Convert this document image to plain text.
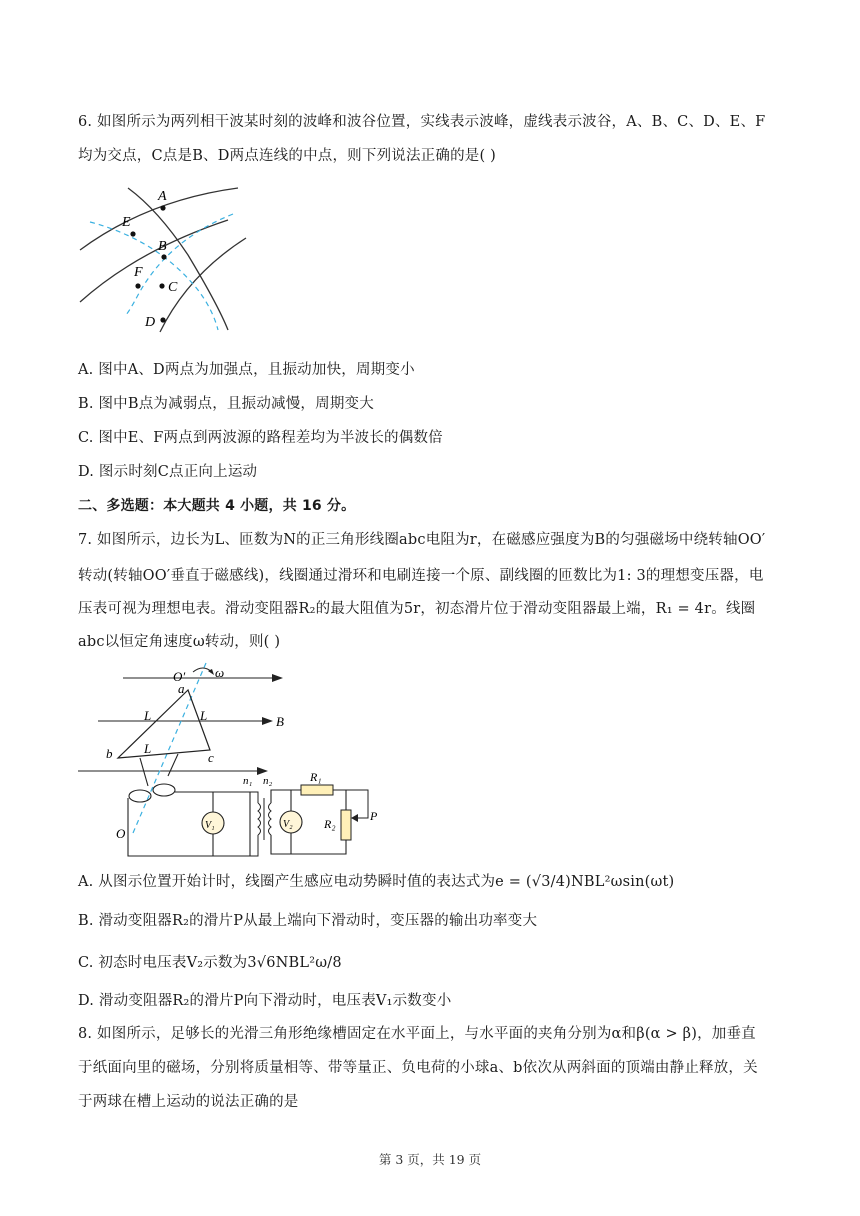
6. 如图所示为两列相干波某时刻的波峰和波谷位置，实线表示波峰，虚线表示波谷，A、B、C、D、E、F
均为交点，C点是B、D两点连线的中点，则下列说法正确的是( )
A
E
B
F
C
D
A. 图中A、D两点为加强点，且振动加快，周期变小
B. 图中B点为减弱点，且振动减慢，周期变大
C. 图中E、F两点到两波源的路程差均为半波长的偶数倍
D. 图示时刻C点正向上运动
二、多选题：本大题共 4 小题，共 16 分。
7. 如图所示，边长为L、匝数为N的正三角形线圈abc电阻为r，在磁感应强度为B的匀强磁场中绕转轴OO′
转动(转轴OO′垂直于磁感线)，线圈通过滑环和电刷连接一个原、副线圈的匝数比为1: 3的理想变压器，电
压表可视为理想电表。滑动变阻器R₂的最大阻值为5r，初态滑片位于滑动变阻器最上端，R₁ = 4r。线圈
abc以恒定角速度ω转动，则( )
O′ ω
a
L	L	B
L
b	c
n₁ n₂	R₁
R₂
P
O
V₁	V₂
A. 从图示位置开始计时，线圈产生感应电动势瞬时值的表达式为e = (√3/4)NBL²ωsin(ωt)
B. 滑动变阻器R₂的滑片P从最上端向下滑动时，变压器的输出功率变大
C. 初态时电压表V₂示数为3√6NBL²ω/8
D. 滑动变阻器R₂的滑片P向下滑动时，电压表V₁示数变小
8. 如图所示，足够长的光滑三角形绝缘槽固定在水平面上，与水平面的夹角分别为α和β(α > β)，加垂直
于纸面向里的磁场，分别将质量相等、带等量正、负电荷的小球a、b依次从两斜面的顶端由静止释放，关
于两球在槽上运动的说法正确的是
第 3 页，共 19 页
